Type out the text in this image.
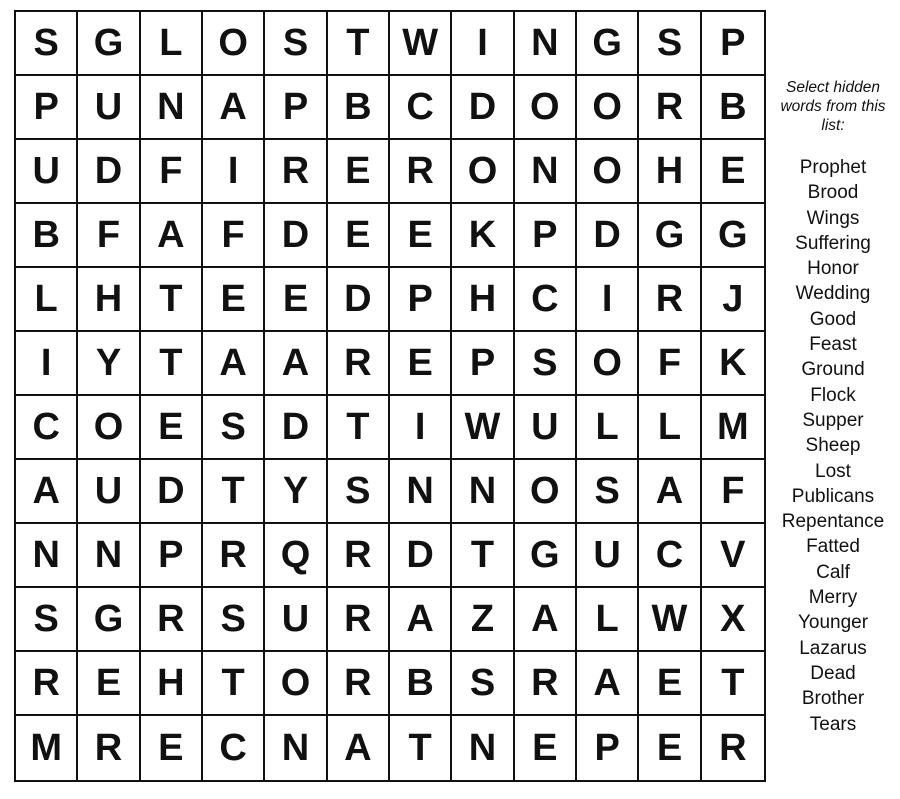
S G L O S	T W	I	N G S P
P U N A P B C D O O R B
U D F	I	R E R O N O H E
B F A F D E E K P D G G
L H T	E E D P H C	I	R	J
I	Y	T A A R E P S O F	K
C O E S D T	I	W U L	L M
A U D T	Y S N N O S A F
N N P R Q R D T G U C V
S G R S U R A Z A L W X
R E H T O R B S R A E	T
M R E C N A T N E P E R

Select hidden words from this list:

Prophet
Brood
Wings
Suffering
Honor
Wedding
Good
Feast
Ground
Flock
Supper
Sheep
Lost
Publicans
Repentance
Fatted
Calf
Merry
Younger
Lazarus
Dead
Brother
Tears
